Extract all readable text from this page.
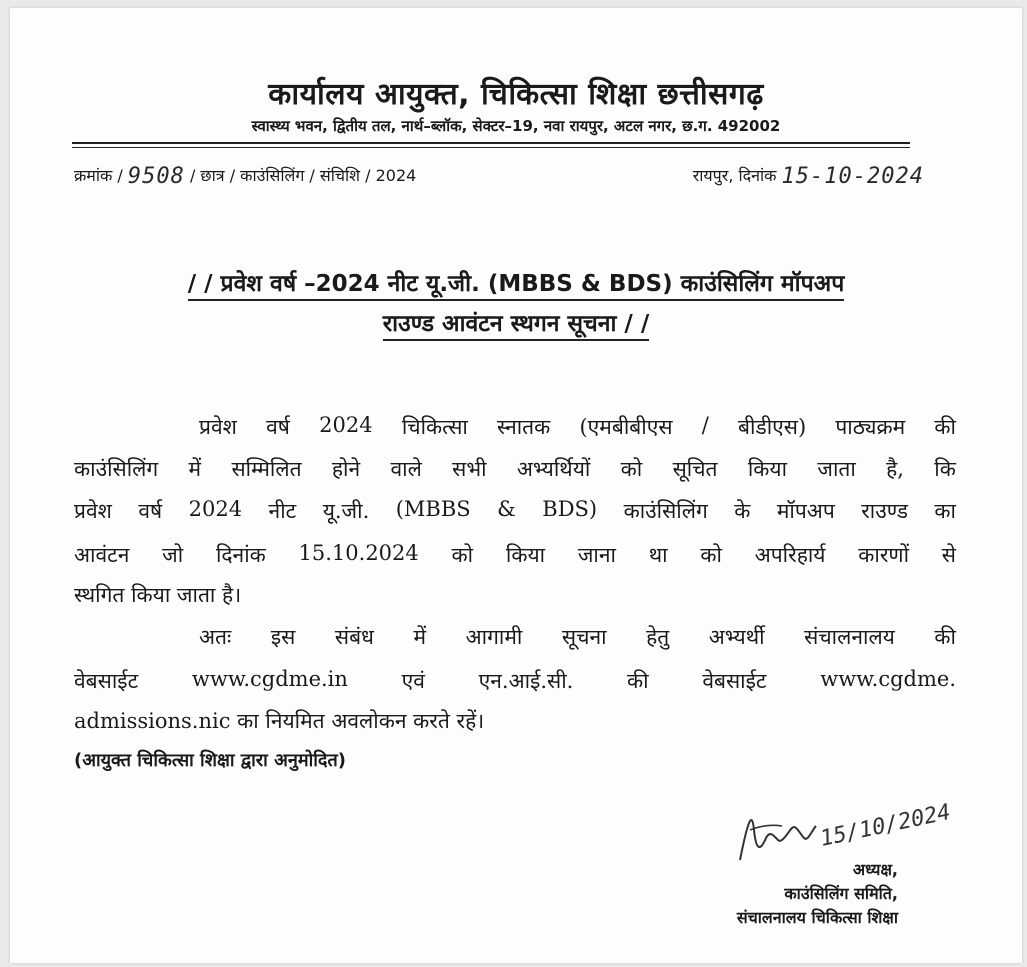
कार्यालय आयुक्त, चिकित्सा शिक्षा छत्तीसगढ़
स्वास्थ्य भवन, द्वितीय तल, नार्थ–ब्लॉक, सेक्टर–19, नवा रायपुर, अटल नगर, छ.ग. 492002
क्रमांक / 9508 / छात्र / काउंसिलिंग / संचिशि / 2024	रायपुर, दिनांक 15-10-2024
/ / प्रवेश वर्ष –2024 नीट यू.जी. (MBBS & BDS) काउंसिलिंग मॉपअप
राउण्ड आवंटन स्थगन सूचना / /
प्रवेश वर्ष 2024 चिकित्सा स्नातक (एमबीबीएस / बीडीएस) पाठ्यक्रम की
काउंसिलिंग में सम्मिलित होने वाले सभी अभ्यर्थियों को सूचित किया जाता है, कि
प्रवेश वर्ष 2024 नीट यू.जी. (MBBS & BDS) काउंसिलिंग के मॉपअप राउण्ड का
आवंटन जो दिनांक 15.10.2024 को किया जाना था को अपरिहार्य कारणों से
स्थगित किया जाता है।
अतः इस संबंध में आगामी सूचना हेतु अभ्यर्थी संचालनालय की
वेबसाईट	www.cgdme.in	एवं	एन.आई.सी.	की	वेबसाईट	www.cgdme.
admissions.nic का नियमित अवलोकन करते रहें।
(आयुक्त चिकित्सा शिक्षा द्वारा अनुमोदित)
15/10/2024
अध्यक्ष,
काउंसिलिंग समिति,
संचालनालय चिकित्सा शिक्षा
